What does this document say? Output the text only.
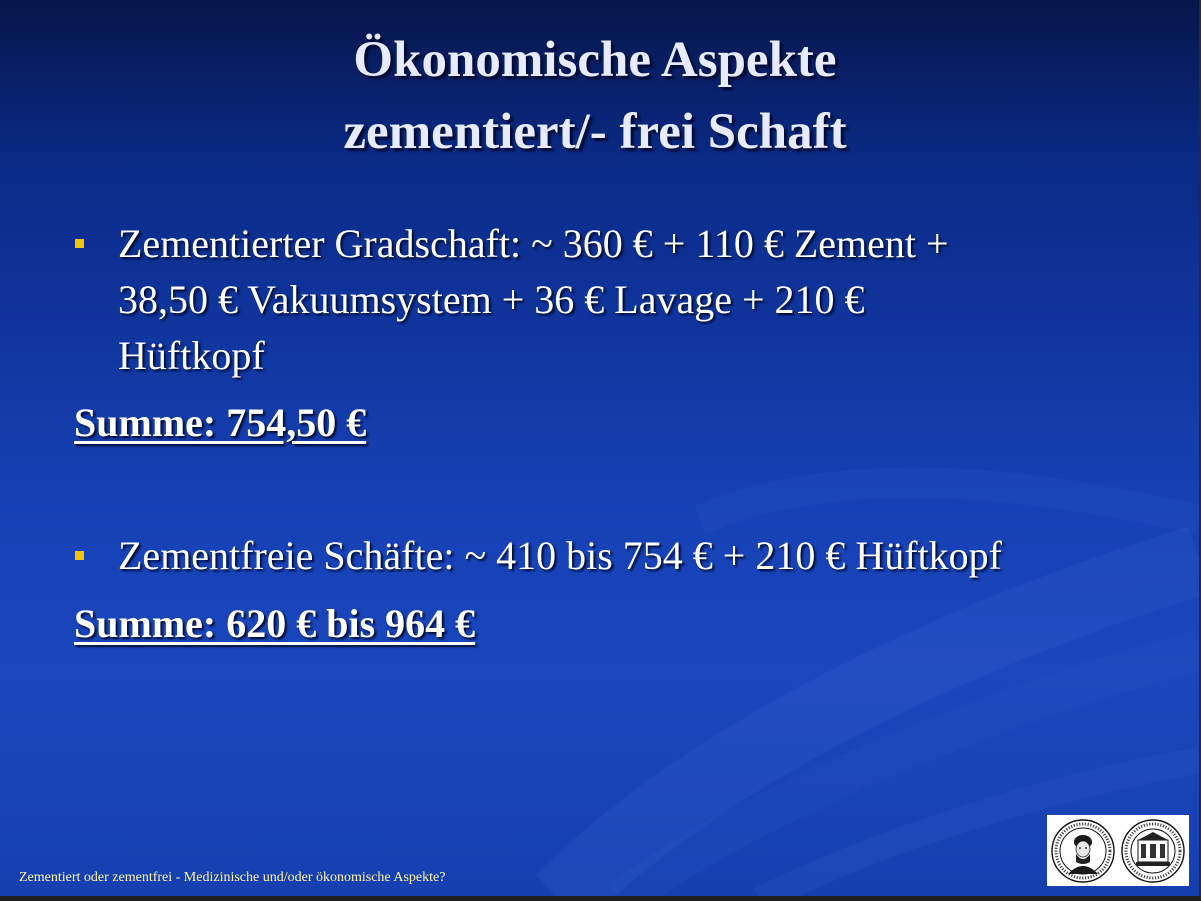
Ökonomische Aspekte
zementiert/- frei Schaft
Zementierter Gradschaft: ~ 360 € + 110 € Zement +
38,50 € Vakuumsystem + 36 € Lavage + 210 €
Hüftkopf
Summe: 754,50 €
Zementfreie Schäfte: ~ 410 bis 754 € + 210 € Hüftkopf
Summe: 620 € bis 964 €
Zementiert oder zementfrei - Medizinische und/oder ökonomische Aspekte?
